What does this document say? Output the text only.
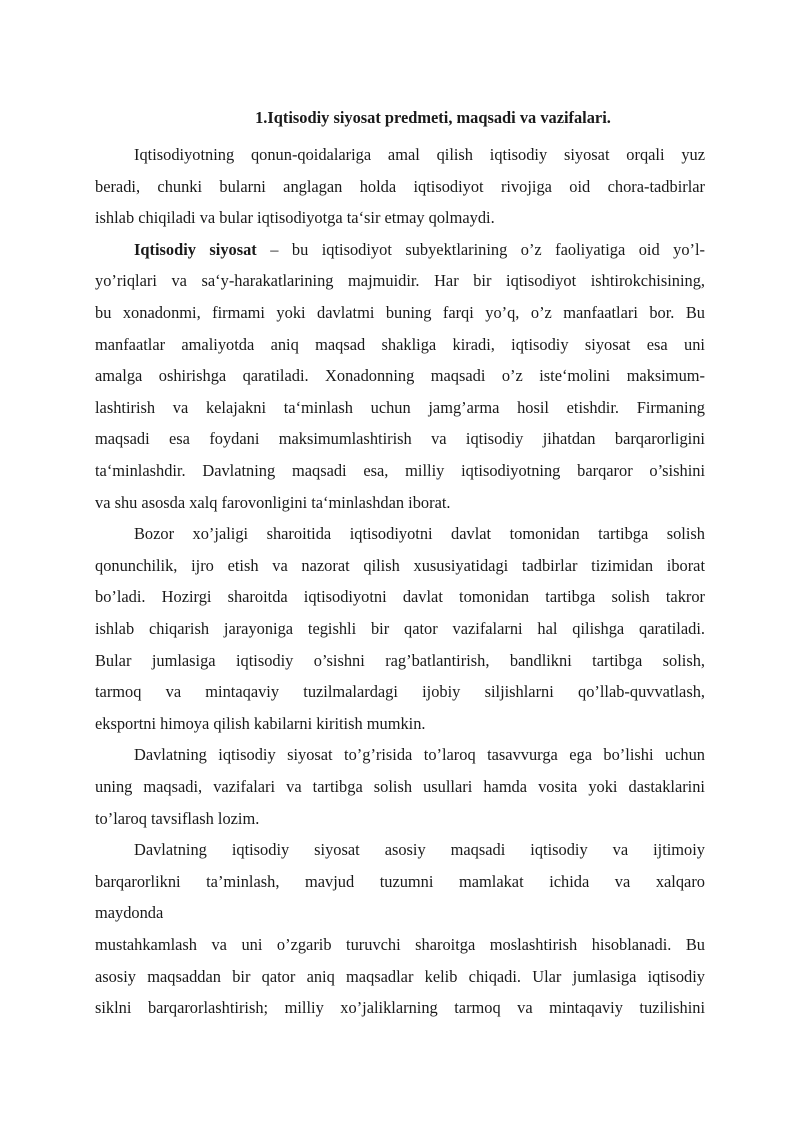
1.Iqtisodiy siyosat predmeti, maqsadi va vazifalari.
Iqtisodiyotning qonun-qoidalariga amal qilish iqtisodiy siyosat orqali yuz
beradi, chunki bularni anglagan holda iqtisodiyot rivojiga oid chora-tadbirlar
ishlab chiqiladi va bular iqtisodiyotga ta‘sir etmay qolmaydi.
Iqtisodiy siyosat – bu iqtisodiyot subyektlarining o’z faoliyatiga oid yo’l-
yo’riqlari va sa‘y-harakatlarining majmuidir. Har bir iqtisodiyot ishtirokchisining,
bu xonadonmi, firmami yoki davlatmi buning farqi yo’q, o’z manfaatlari bor. Bu
manfaatlar amaliyotda aniq maqsad shakliga kiradi, iqtisodiy siyosat esa uni
amalga oshirishga qaratiladi. Xonadonning maqsadi o’z iste‘molini maksimum-
lashtirish va kelajakni ta‘minlash uchun jamg’arma hosil etishdir. Firmaning
maqsadi esa foydani maksimumlashtirish va iqtisodiy jihatdan barqarorligini
ta‘minlashdir. Davlatning maqsadi esa, milliy iqtisodiyotning barqaror o’sishini
va shu asosda xalq farovonligini ta‘minlashdan iborat.
Bozor xo’jaligi sharoitida iqtisodiyotni davlat tomonidan tartibga solish
qonunchilik, ijro etish va nazorat qilish xususiyatidagi tadbirlar tizimidan iborat
bo’ladi. Hozirgi sharoitda iqtisodiyotni davlat tomonidan tartibga solish takror
ishlab chiqarish jarayoniga tegishli bir qator vazifalarni hal qilishga qaratiladi.
Bular jumlasiga iqtisodiy o’sishni rag’batlantirish, bandlikni tartibga solish,
tarmoq va mintaqaviy tuzilmalardagi ijobiy siljishlarni qo’llab-quvvatlash,
eksportni himoya qilish kabilarni kiritish mumkin.
Davlatning iqtisodiy siyosat to’g’risida to’laroq tasavvurga ega bo’lishi uchun
uning maqsadi, vazifalari va tartibga solish usullari hamda vosita yoki dastaklarini
to’laroq tavsiflash lozim.
Davlatning iqtisodiy siyosat asosiy maqsadi iqtisodiy va ijtimoiy
barqarorlikni ta’minlash, mavjud tuzumni mamlakat ichida va xalqaro
maydonda
mustahkamlash va uni o’zgarib turuvchi sharoitga moslashtirish hisoblanadi. Bu
asosiy maqsaddan bir qator aniq maqsadlar kelib chiqadi. Ular jumlasiga iqtisodiy
siklni barqarorlashtirish; milliy xo’jaliklarning tarmoq va mintaqaviy tuzilishini
